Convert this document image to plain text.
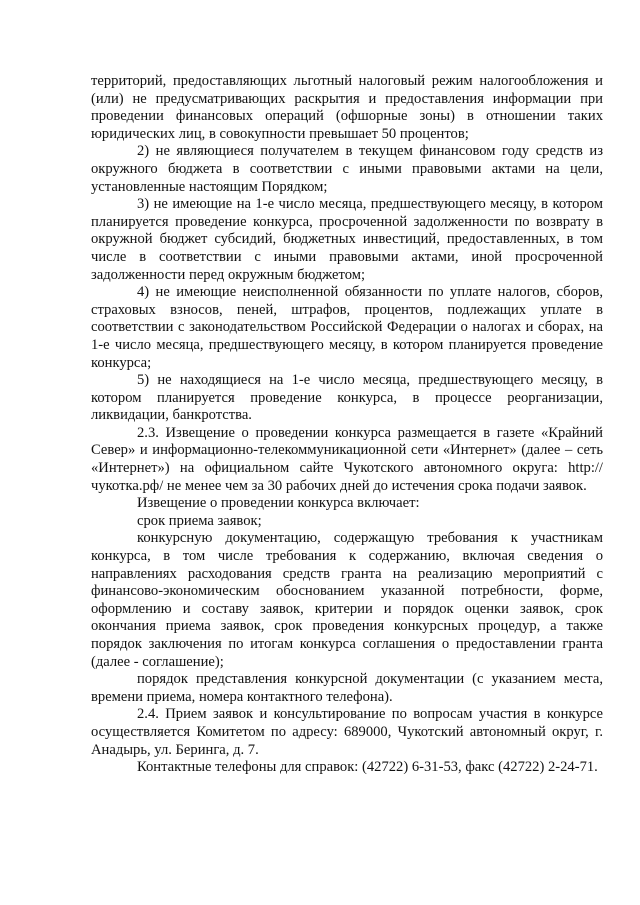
территорий, предоставляющих льготный налоговый режим налогообложения и (или) не предусматривающих раскрытия и предоставления информации при проведении финансовых операций (офшорные зоны) в отношении таких юридических лиц, в совокупности превышает 50 процентов;

2) не являющиеся получателем в текущем финансовом году средств из окружного бюджета в соответствии с иными правовыми актами на цели, установленные настоящим Порядком;

3) не имеющие на 1-е число месяца, предшествующего месяцу, в котором планируется проведение конкурса, просроченной задолженности по возврату в окружной бюджет субсидий, бюджетных инвестиций, предоставленных, в том числе в соответствии с иными правовыми актами, иной просроченной задолженности перед окружным бюджетом;

4) не имеющие неисполненной обязанности по уплате налогов, сборов, страховых взносов, пеней, штрафов, процентов, подлежащих уплате в соответствии с законодательством Российской Федерации о налогах и сборах, на 1-е число месяца, предшествующего месяцу, в котором планируется проведение конкурса;

5) не находящиеся на 1-е число месяца, предшествующего месяцу, в котором планируется проведение конкурса, в процессе реорганизации, ликвидации, банкротства.

2.3. Извещение о проведении конкурса размещается в газете «Крайний Север» и информационно-телекоммуникационной сети «Интернет» (далее – сеть «Интернет») на официальном сайте Чукотского автономного округа: http://чукотка.рф/ не менее чем за 30 рабочих дней до истечения срока подачи заявок.

Извещение о проведении конкурса включает:

срок приема заявок;

конкурсную документацию, содержащую требования к участникам конкурса, в том числе требования к содержанию, включая сведения о направлениях расходования средств гранта на реализацию мероприятий с финансово-экономическим обоснованием указанной потребности, форме, оформлению и составу заявок, критерии и порядок оценки заявок, срок окончания приема заявок, срок проведения конкурсных процедур, а также порядок заключения по итогам конкурса соглашения о предоставлении гранта (далее - соглашение);

порядок представления конкурсной документации (с указанием места, времени приема, номера контактного телефона).

2.4. Прием заявок и консультирование по вопросам участия в конкурсе осуществляется Комитетом по адресу: 689000, Чукотский автономный округ, г. Анадырь, ул. Беринга, д. 7.

Контактные телефоны для справок: (42722) 6-31-53, факс (42722) 2-24-71.
